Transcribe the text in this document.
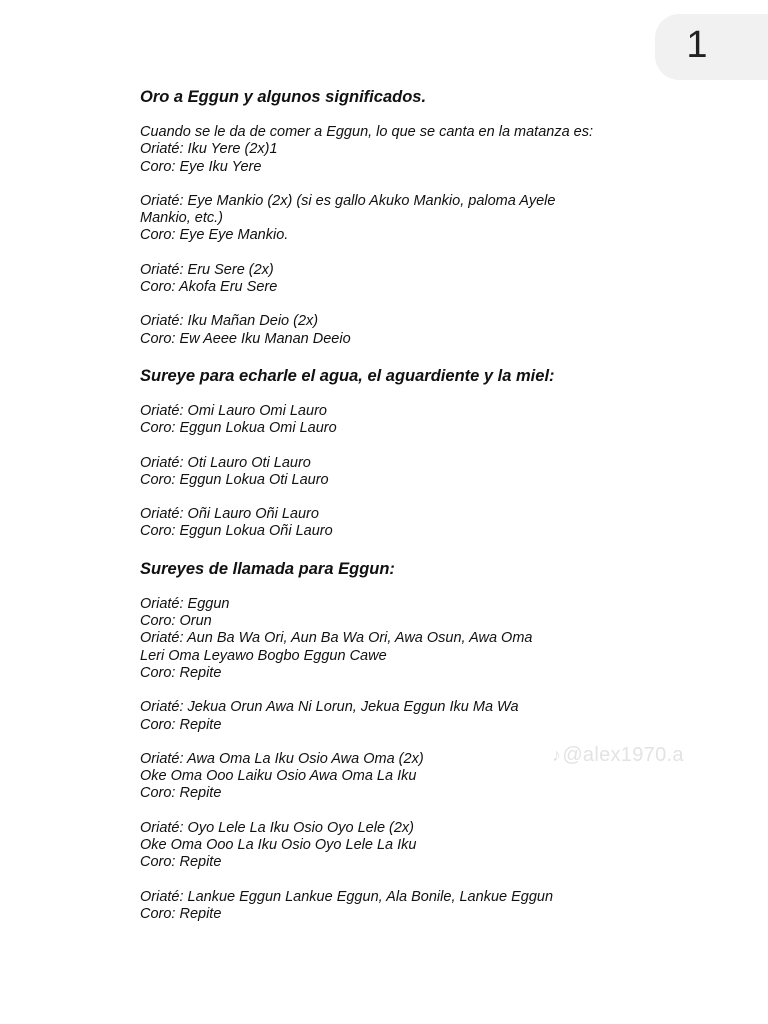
1
Oro a Eggun y algunos significados.
Cuando se le da de comer a Eggun, lo que se canta en la matanza es:
Oriaté: Iku Yere (2x)1
Coro: Eye Iku Yere
Oriaté: Eye Mankio (2x) (si es gallo Akuko Mankio, paloma Ayele
Mankio, etc.)
Coro: Eye Eye Mankio.
Oriaté: Eru Sere (2x)
Coro: Akofa Eru Sere
Oriaté: Iku Mañan Deio (2x)
Coro: Ew Aeee Iku Manan Deeio
Sureye para echarle el agua, el aguardiente y la miel:
Oriaté: Omi Lauro Omi Lauro
Coro: Eggun Lokua Omi Lauro
Oriaté: Oti Lauro Oti Lauro
Coro: Eggun Lokua Oti Lauro
Oriaté: Oñi Lauro Oñi Lauro
Coro: Eggun Lokua Oñi Lauro
Sureyes de llamada para Eggun:
Oriaté: Eggun
Coro: Orun
Oriaté: Aun Ba Wa Ori, Aun Ba Wa Ori, Awa Osun, Awa Oma
Leri Oma Leyawo Bogbo Eggun Cawe
Coro: Repite
Oriaté: Jekua Orun Awa Ni Lorun, Jekua Eggun Iku Ma Wa
Coro: Repite
Oriaté: Awa Oma La Iku Osio Awa Oma (2x)
Oke Oma Ooo Laiku Osio Awa Oma La Iku
Coro: Repite
Oriaté: Oyo Lele La Iku Osio Oyo Lele (2x)
Oke Oma Ooo La Iku Osio Oyo Lele La Iku
Coro: Repite
Oriaté: Lankue Eggun Lankue Eggun, Ala Bonile, Lankue Eggun
Coro: Repite
♪@alex1970.a
